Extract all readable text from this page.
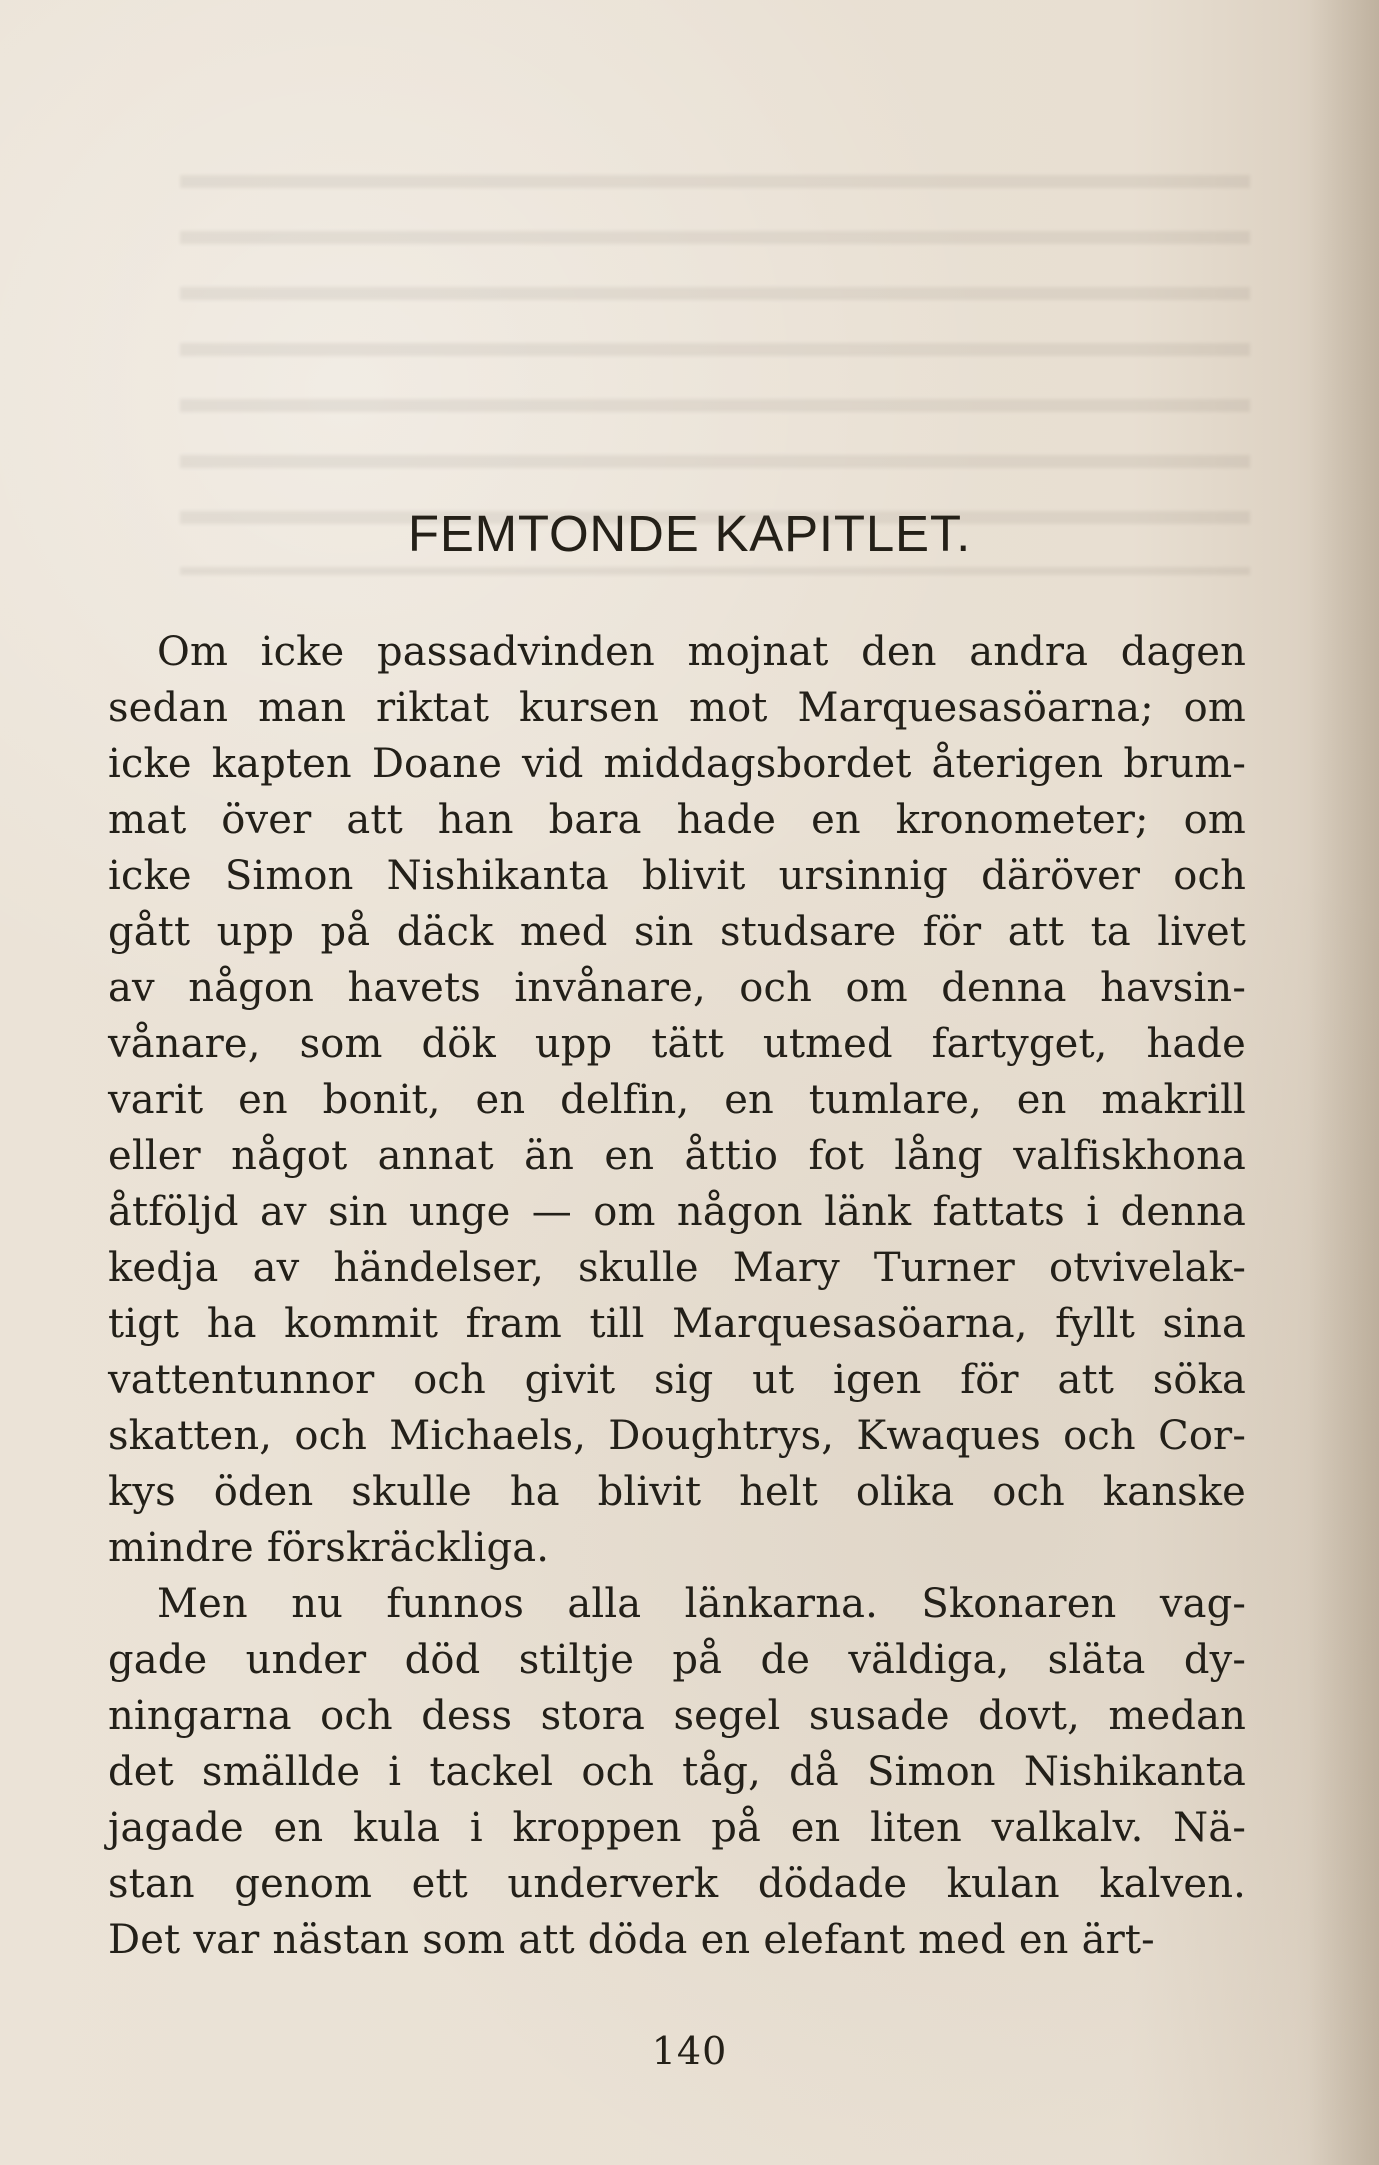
FEMTONDE KAPITLET.
Om icke passadvinden mojnat den andra dagen
sedan man riktat kursen mot Marquesasöarna; om
icke kapten Doane vid middagsbordet återigen brum-
mat över att han bara hade en kronometer; om
icke Simon Nishikanta blivit ursinnig däröver och
gått upp på däck med sin studsare för att ta livet
av någon havets invånare, och om denna havsin-
vånare, som dök upp tätt utmed fartyget, hade
varit en bonit, en delfin, en tumlare, en makrill
eller något annat än en åttio fot lång valfiskhona
åtföljd av sin unge — om någon länk fattats i denna
kedja av händelser, skulle Mary Turner otvivelak-
tigt ha kommit fram till Marquesasöarna, fyllt sina
vattentunnor och givit sig ut igen för att söka
skatten, och Michaels, Doughtrys, Kwaques och Cor-
kys öden skulle ha blivit helt olika och kanske
mindre förskräckliga.
Men nu funnos alla länkarna. Skonaren vag-
gade under död stiltje på de väldiga, släta dy-
ningarna och dess stora segel susade dovt, medan
det smällde i tackel och tåg, då Simon Nishikanta
jagade en kula i kroppen på en liten valkalv. Nä-
stan genom ett underverk dödade kulan kalven.
Det var nästan som att döda en elefant med en ärt-
140
